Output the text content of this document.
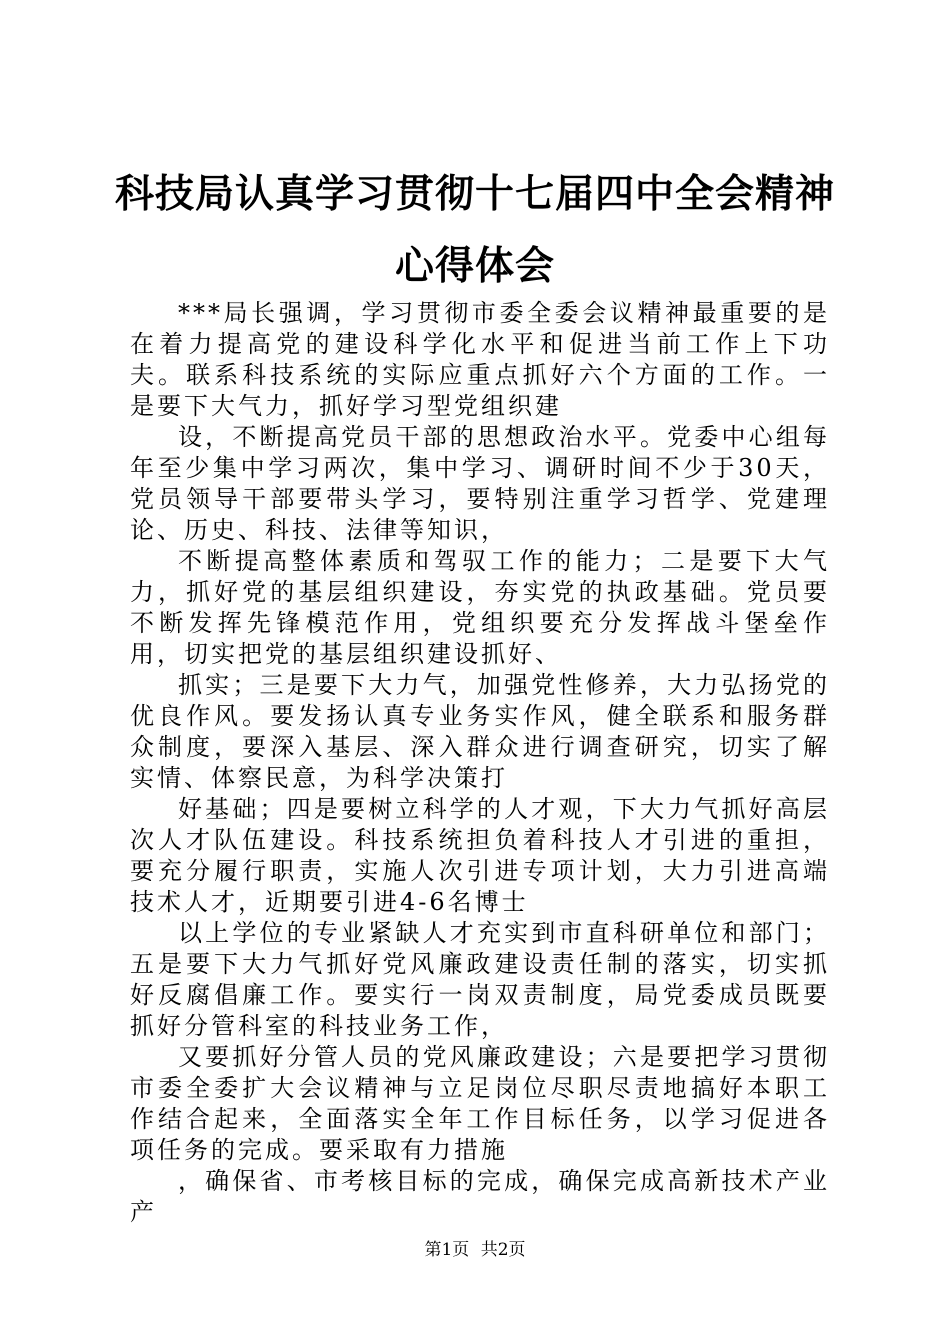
科技局认真学习贯彻十七届四中全会精神心得体会

***局长强调，学习贯彻市委全委会议精神最重要的是在着力提高党的建设科学化水平和促进当前工作上下功夫。联系科技系统的实际应重点抓好六个方面的工作。一是要下大气力，抓好学习型党组织建

设，不断提高党员干部的思想政治水平。党委中心组每年至少集中学习两次，集中学习、调研时间不少于30天，党员领导干部要带头学习，要特别注重学习哲学、党建理论、历史、科技、法律等知识，

不断提高整体素质和驾驭工作的能力；二是要下大气力，抓好党的基层组织建设，夯实党的执政基础。党员要不断发挥先锋模范作用，党组织要充分发挥战斗堡垒作用，切实把党的基层组织建设抓好、

抓实；三是要下大力气，加强党性修养，大力弘扬党的优良作风。要发扬认真专业务实作风，健全联系和服务群众制度，要深入基层、深入群众进行调查研究，切实了解实情、体察民意，为科学决策打

好基础；四是要树立科学的人才观，下大力气抓好高层次人才队伍建设。科技系统担负着科技人才引进的重担，要充分履行职责，实施人次引进专项计划，大力引进高端技术人才，近期要引进4-6名博士

以上学位的专业紧缺人才充实到市直科研单位和部门；五是要下大力气抓好党风廉政建设责任制的落实，切实抓好反腐倡廉工作。要实行一岗双责制度，局党委成员既要抓好分管科室的科技业务工作，

又要抓好分管人员的党风廉政建设；六是要把学习贯彻市委全委扩大会议精神与立足岗位尽职尽责地搞好本职工作结合起来，全面落实全年工作目标任务，以学习促进各项任务的完成。要采取有力措施

，确保省、市考核目标的完成，确保完成高新技术产业产

第1页 共2页
